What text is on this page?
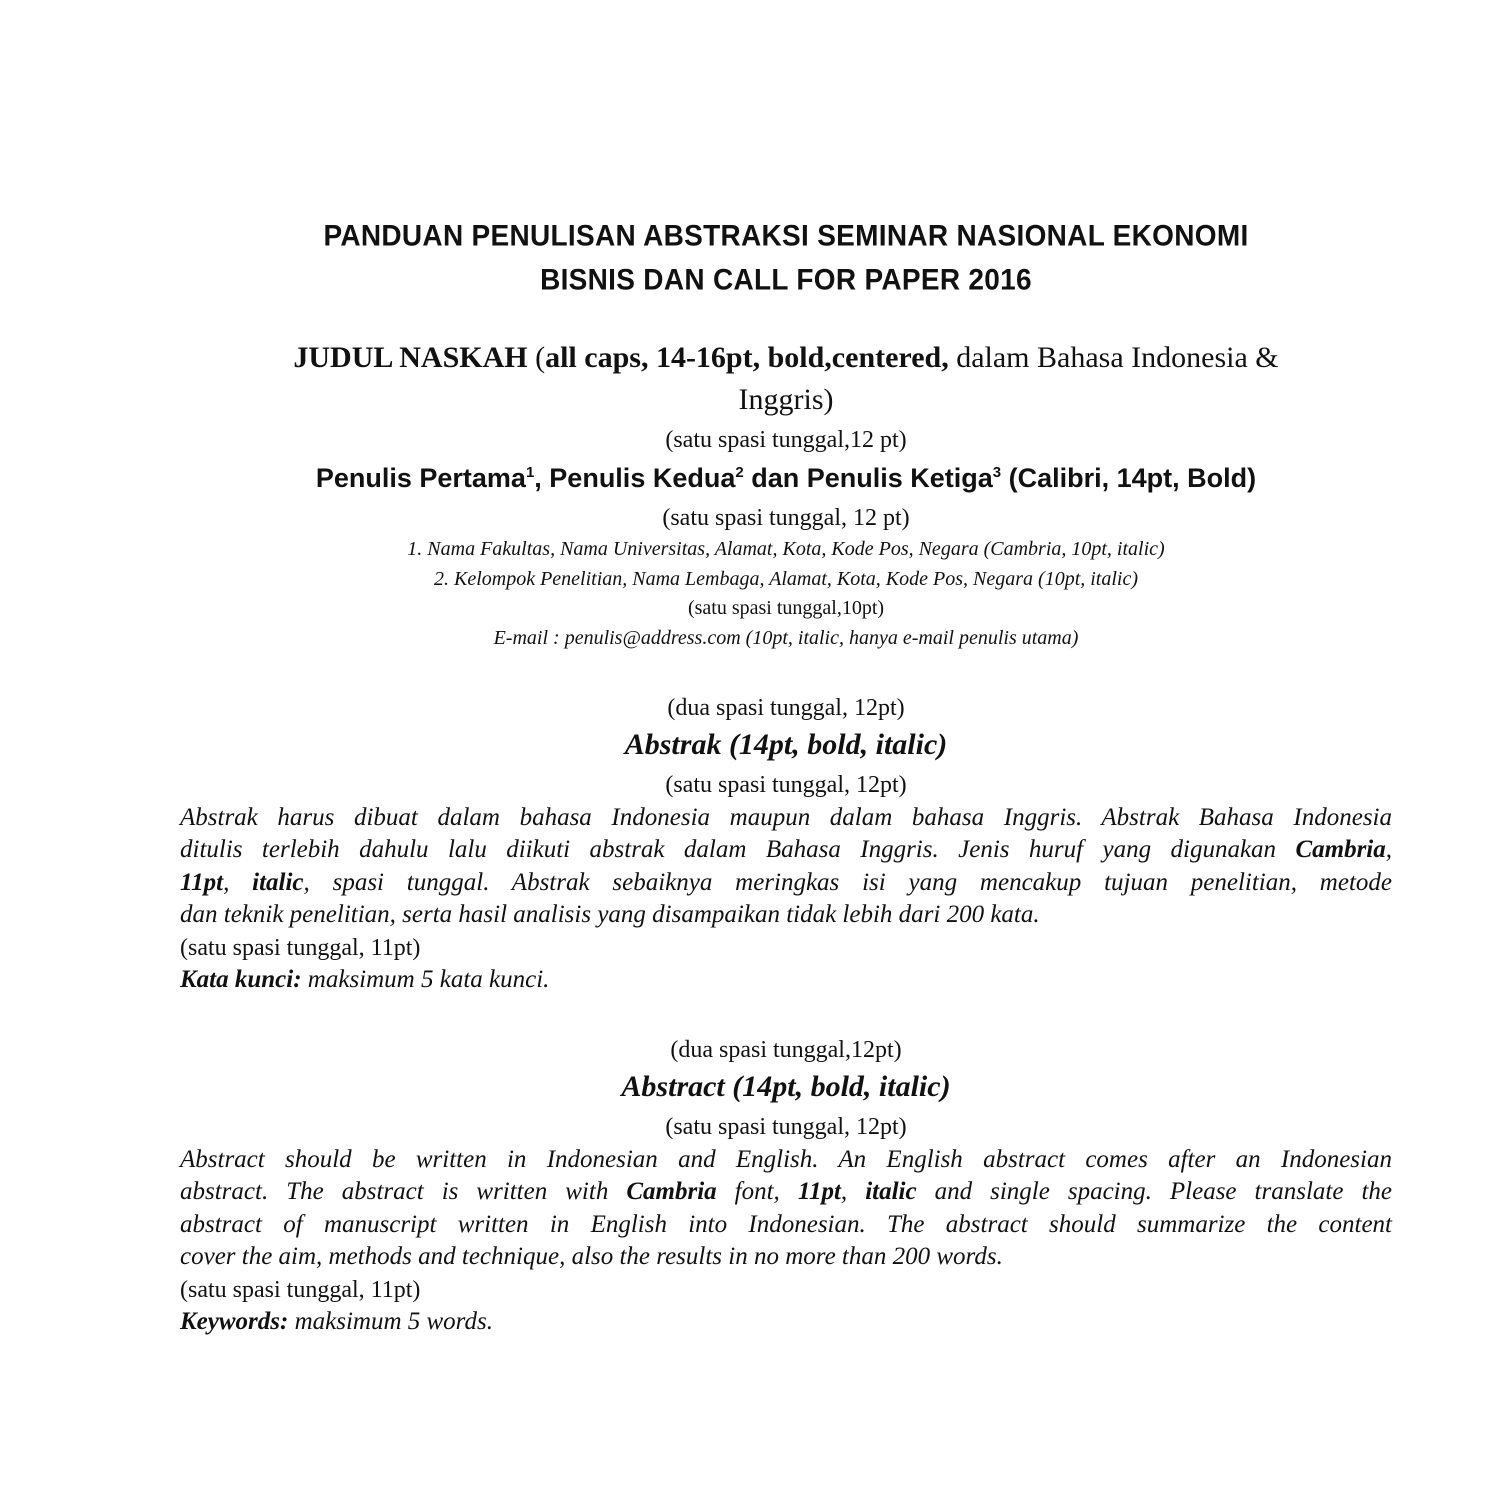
PANDUAN PENULISAN ABSTRAKSI SEMINAR NASIONAL EKONOMI
BISNIS DAN CALL FOR PAPER 2016
JUDUL NASKAH (all caps, 14-16pt, bold,centered, dalam Bahasa Indonesia &
Inggris)
(satu spasi tunggal,12 pt)
Penulis Pertama$^1$, Penulis Kedua$^2$ dan Penulis Ketiga$^3$ (Calibri, 14pt, Bold)
(satu spasi tunggal, 12 pt)
1. Nama Fakultas, Nama Universitas, Alamat, Kota, Kode Pos, Negara (Cambria, 10pt, italic)
2. Kelompok Penelitian, Nama Lembaga, Alamat, Kota, Kode Pos, Negara (10pt, italic)
(satu spasi tunggal,10pt)
E-mail : penulis@address.com (10pt, italic, hanya e-mail penulis utama)
(dua spasi tunggal, 12pt)
Abstrak (14pt, bold, italic)
(satu spasi tunggal, 12pt)
Abstrak harus dibuat dalam bahasa Indonesia maupun dalam bahasa Inggris. Abstrak Bahasa Indonesia
ditulis terlebih dahulu lalu diikuti abstrak dalam Bahasa Inggris. Jenis huruf yang digunakan Cambria,
11pt, italic, spasi tunggal. Abstrak sebaiknya meringkas isi yang mencakup tujuan penelitian, metode
dan teknik penelitian, serta hasil analisis yang disampaikan tidak lebih dari 200 kata.
(satu spasi tunggal, 11pt)
Kata kunci: maksimum 5 kata kunci.
(dua spasi tunggal,12pt)
Abstract (14pt, bold, italic)
(satu spasi tunggal, 12pt)
Abstract should be written in Indonesian and English. An English abstract comes after an Indonesian
abstract. The abstract is written with Cambria font, 11pt, italic and single spacing. Please translate the
abstract of manuscript written in English into Indonesian. The abstract should summarize the content
cover the aim, methods and technique, also the results in no more than 200 words.
(satu spasi tunggal, 11pt)
Keywords: maksimum 5 words.
